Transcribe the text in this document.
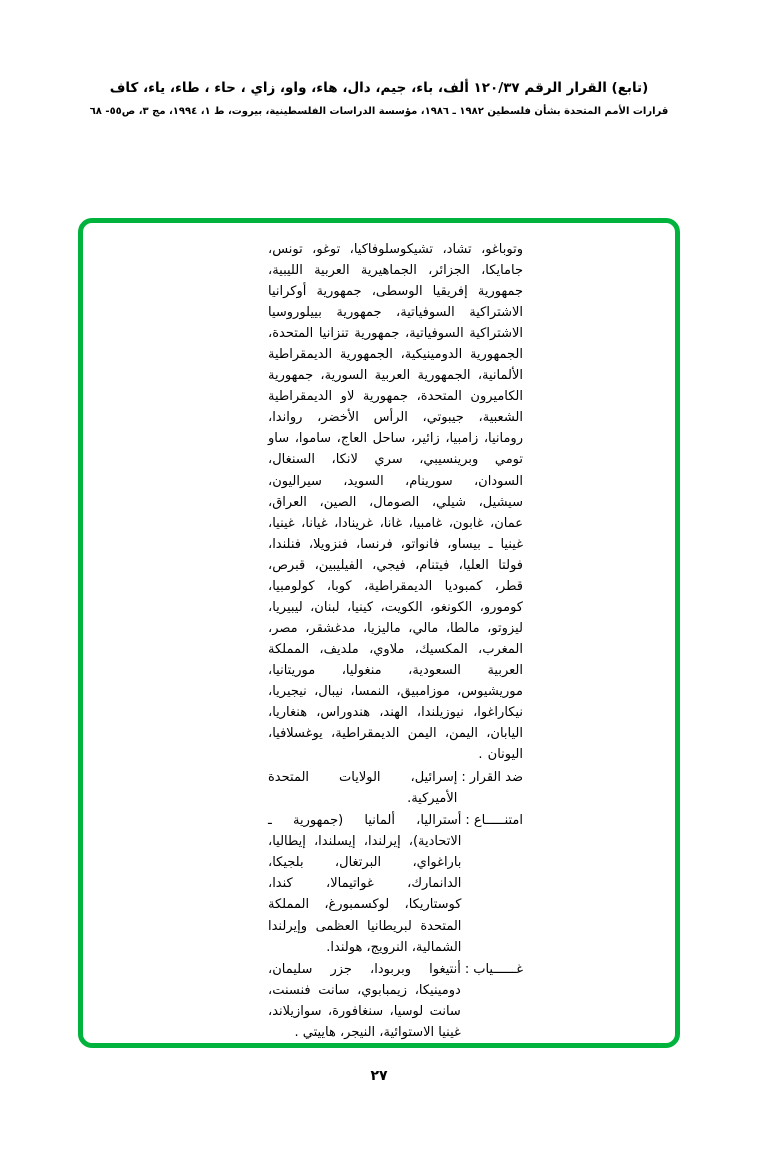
(تابع) القرار الرقم ١٢٠/٣٧ ألف، باء، جيم، دال، هاء، واو، زاي ، حاء ، طاء، ياء، كاف
قرارات الأمم المتحدة بشأن فلسطين ١٩٨٢ ـ ١٩٨٦، مؤسسة الدراسات الفلسطينية، بيروت، ط ١، ١٩٩٤، مج ٣، ص٥٥- ٦٨
وتوباغو، تشاد، تشيكوسلوفاكيا، توغو، تونس، جامايكا، الجزائر، الجماهيرية العربية الليبية، جمهورية إفريقيا الوسطى، جمهورية أوكرانيا الاشتراكية السوفياتية، جمهورية بييلوروسيا الاشتراكية السوفياتية، جمهورية تنزانيا المتحدة، الجمهورية الدومينيكية، الجمهورية الديمقراطية الألمانية، الجمهورية العربية السورية، جمهورية الكاميرون المتحدة، جمهورية لاو الديمقراطية الشعبية، جيبوتي، الرأس الأخضر، رواندا، رومانيا، زامبيا، زائير، ساحل العاج، ساموا، ساو تومي وبرينسيبي، سري لانكا، السنغال، السودان، سورينام، السويد، سيراليون، سيشيل، شيلي، الصومال، الصين، العراق، عمان، غابون، غامبيا، غانا، غرينادا، غيانا، غينيا، غينيا ـ بيساو، فانواتو، فرنسا، فنزويلا، فنلندا، فولتا العليا، فيتنام، فيجي، الفيليبين، قبرص، قطر، كمبوديا الديمقراطية، كوبا، كولومبيا، كومورو، الكونغو، الكويت، كينيا، لبنان، ليبيريا، ليزوتو، مالطا، مالي، ماليزيا، مدغشقر، مصر، المغرب، المكسيك، ملاوي، ملديف، المملكة العربية السعودية، منغوليا، موريتانيا، موريشيوس، موزامبيق، النمسا، نيبال، نيجيريا، نيكاراغوا، نيوزيلندا، الهند، هندوراس، هنغاريا، اليابان، اليمن، اليمن الديمقراطية، يوغسلافيا، اليونان .
ضد القرار
:
إسرائيل، الولايات المتحدة الأميركية.
امتنـــــاع
:
أستراليا، ألمانيا (جمهورية ـ الاتحادية)، إيرلندا، إيسلندا، إيطاليا، باراغواي، البرتغال، بلجيكا، الدانمارك، غواتيمالا، كندا، كوستاريكا، لوكسمبورغ، المملكة المتحدة لبريطانيا العظمى وإيرلندا الشمالية، النرويج، هولندا.
غــــــياب
:
أنتيغوا وبربودا، جزر سليمان، دومينيكا، زيمبابوي، سانت فنسنت، سانت لوسيا، سنغافورة، سوازيلاند، غينيا الاستوائية، النيجر، هاييتي .
٢٧
